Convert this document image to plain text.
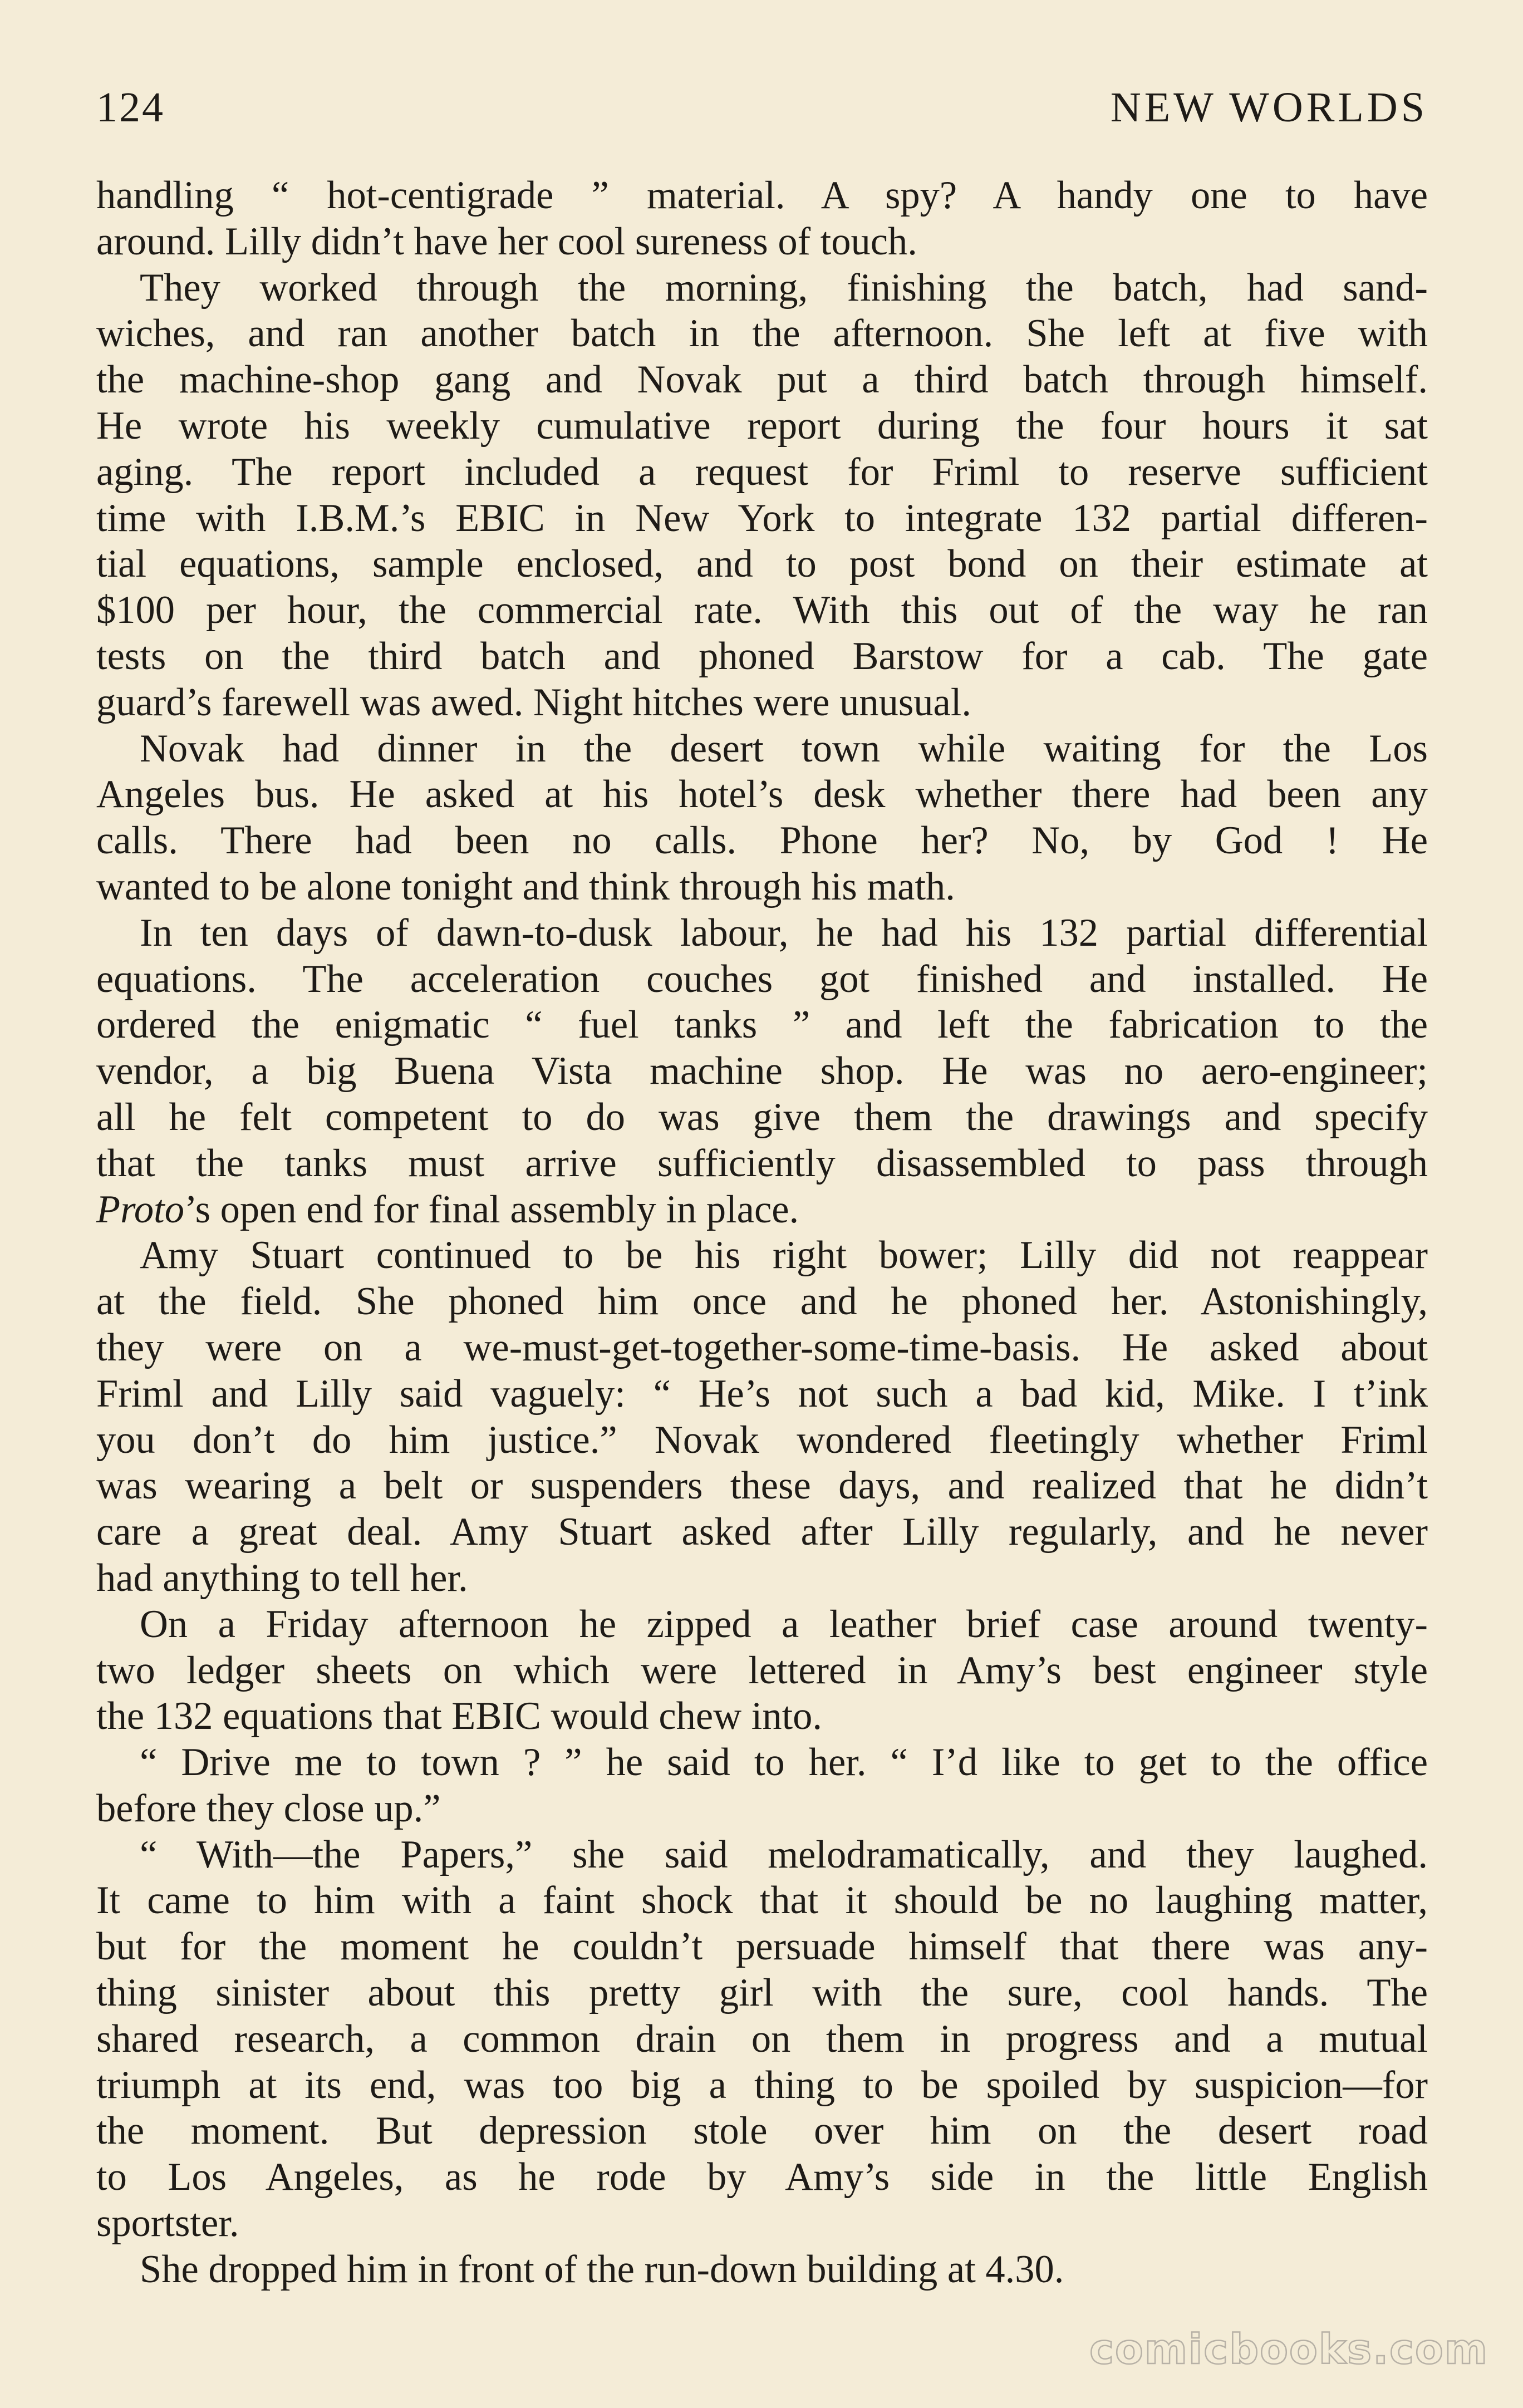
124	NEW WORLDS

handling “ hot-centigrade ” material. A spy? A handy one to have
around. Lilly didn’t have her cool sureness of touch.

They worked through the morning, finishing the batch, had sand-
wiches, and ran another batch in the afternoon. She left at five with
the machine-shop gang and Novak put a third batch through himself.
He wrote his weekly cumulative report during the four hours it sat
aging. The report included a request for Friml to reserve sufficient
time with I.B.M.’s EBIC in New York to integrate 132 partial differen-
tial equations, sample enclosed, and to post bond on their estimate at
$100 per hour, the commercial rate. With this out of the way he ran
tests on the third batch and phoned Barstow for a cab. The gate
guard’s farewell was awed. Night hitches were unusual.

Novak had dinner in the desert town while waiting for the Los
Angeles bus. He asked at his hotel’s desk whether there had been any
calls. There had been no calls. Phone her? No, by God ! He
wanted to be alone tonight and think through his math.

In ten days of dawn-to-dusk labour, he had his 132 partial differential
equations. The acceleration couches got finished and installed. He
ordered the enigmatic “ fuel tanks ” and left the fabrication to the
vendor, a big Buena Vista machine shop. He was no aero-engineer;
all he felt competent to do was give them the drawings and specify
that the tanks must arrive sufficiently disassembled to pass through
Proto’s open end for final assembly in place.

Amy Stuart continued to be his right bower; Lilly did not reappear
at the field. She phoned him once and he phoned her. Astonishingly,
they were on a we-must-get-together-some-time-basis. He asked about
Friml and Lilly said vaguely: “ He’s not such a bad kid, Mike. I t’ink
you don’t do him justice.” Novak wondered fleetingly whether Friml
was wearing a belt or suspenders these days, and realized that he didn’t
care a great deal. Amy Stuart asked after Lilly regularly, and he never
had anything to tell her.

On a Friday afternoon he zipped a leather brief case around twenty-
two ledger sheets on which were lettered in Amy’s best engineer style
the 132 equations that EBIC would chew into.

“ Drive me to town ? ” he said to her. “ I’d like to get to the office
before they close up.”

“ With—the Papers,” she said melodramatically, and they laughed.
It came to him with a faint shock that it should be no laughing matter,
but for the moment he couldn’t persuade himself that there was any-
thing sinister about this pretty girl with the sure, cool hands. The
shared research, a common drain on them in progress and a mutual
triumph at its end, was too big a thing to be spoiled by suspicion—for
the moment. But depression stole over him on the desert road
to Los Angeles, as he rode by Amy’s side in the little English
sportster.

She dropped him in front of the run-down building at 4.30.

comicbooks.com
